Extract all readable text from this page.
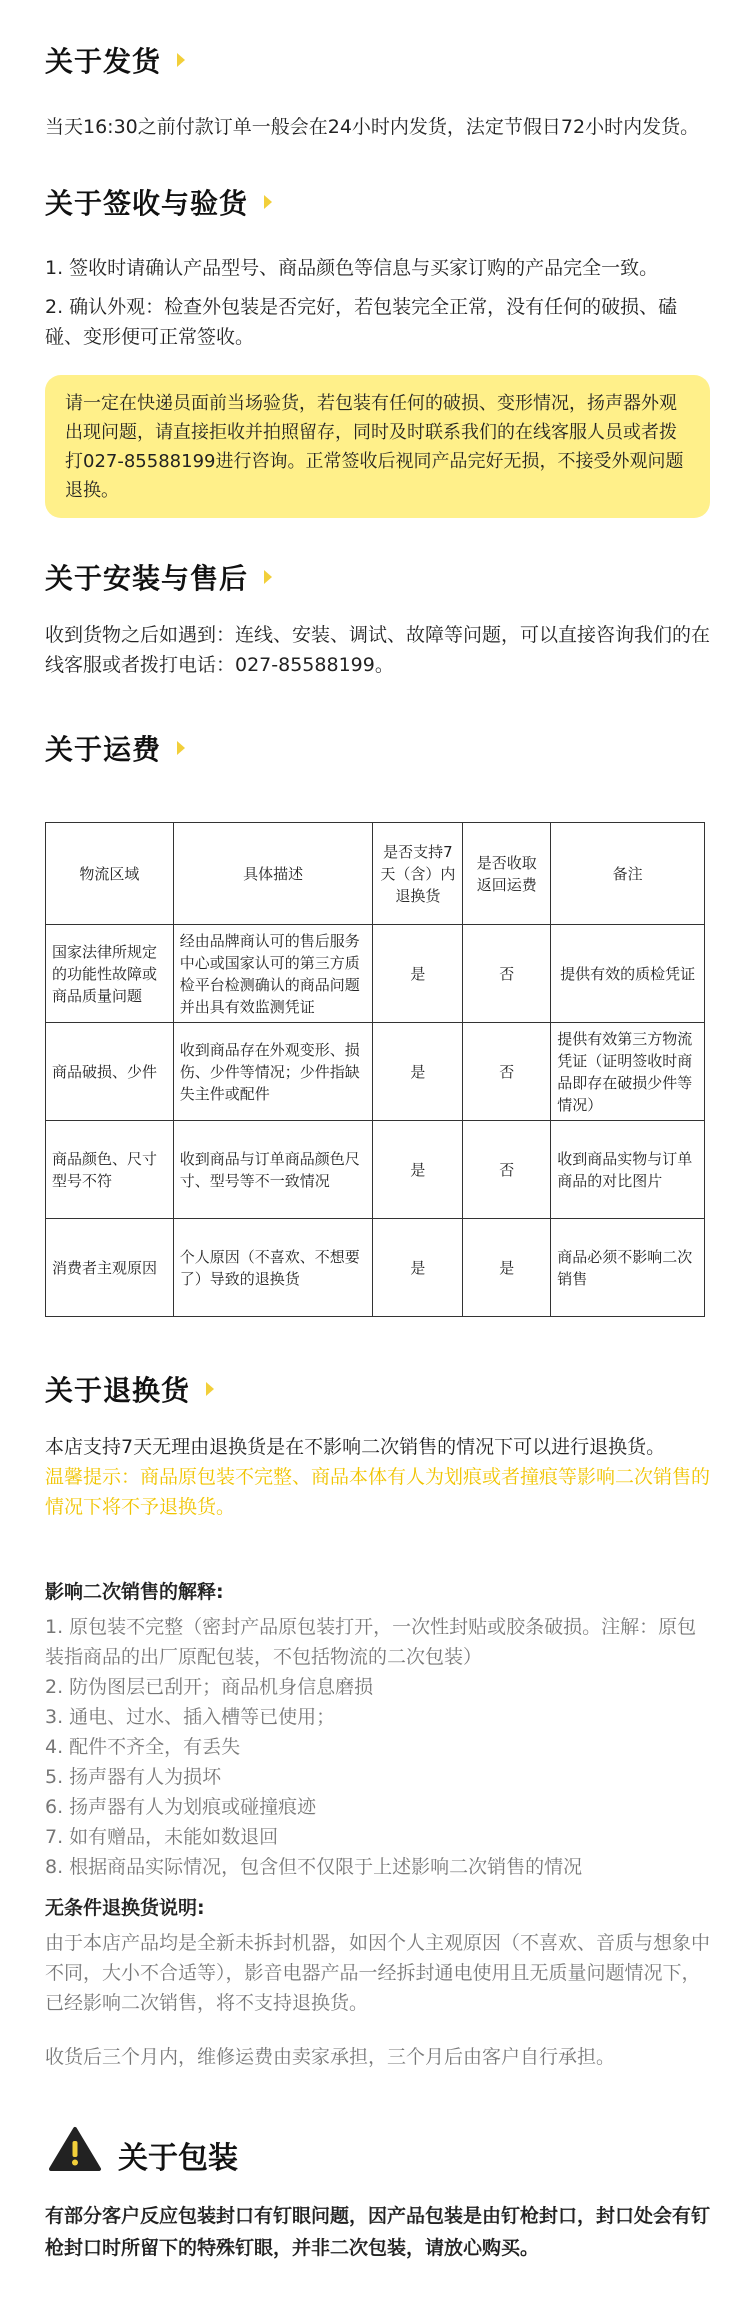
关于发货
当天16:30之前付款订单一般会在24小时内发货，法定节假日72小时内发货。
关于签收与验货
1. 签收时请确认产品型号、商品颜色等信息与买家订购的产品完全一致。
2. 确认外观：检查外包装是否完好，若包装完全正常，没有任何的破损、磕碰、变形便可正常签收。
请一定在快递员面前当场验货，若包装有任何的破损、变形情况，扬声器外观出现问题，请直接拒收并拍照留存，同时及时联系我们的在线客服人员或者拨打027-85588199进行咨询。正常签收后视同产品完好无损，不接受外观问题退换。
关于安装与售后
收到货物之后如遇到：连线、安装、调试、故障等问题，可以直接咨询我们的在线客服或者拨打电话：027-85588199。
关于运费
物流区域	具体描述	是否支持7天（含）内退换货	是否收取返回运费	备注
国家法律所规定的功能性故障或商品质量问题	经由品牌商认可的售后服务中心或国家认可的第三方质检平台检测确认的商品问题并出具有效监测凭证	是	否	提供有效的质检凭证
商品破损、少件	收到商品存在外观变形、损伤、少件等情况；少件指缺失主件或配件	是	否	提供有效第三方物流凭证（证明签收时商品即存在破损少件等情况）
商品颜色、尺寸型号不符	收到商品与订单商品颜色尺寸、型号等不一致情况	是	否	收到商品实物与订单商品的对比图片
消费者主观原因	个人原因（不喜欢、不想要了）导致的退换货	是	是	商品必须不影响二次销售
关于退换货
本店支持7天无理由退换货是在不影响二次销售的情况下可以进行退换货。
温馨提示：商品原包装不完整、商品本体有人为划痕或者撞痕等影响二次销售的情况下将不予退换货。
影响二次销售的解释:
1. 原包装不完整（密封产品原包装打开，一次性封贴或胶条破损。注解：原包装指商品的出厂原配包装，不包括物流的二次包装）
2. 防伪图层已刮开；商品机身信息磨损
3. 通电、过水、插入槽等已使用；
4. 配件不齐全，有丢失
5. 扬声器有人为损坏
6. 扬声器有人为划痕或碰撞痕迹
7. 如有赠品，未能如数退回
8. 根据商品实际情况，包含但不仅限于上述影响二次销售的情况
无条件退换货说明:
由于本店产品均是全新未拆封机器，如因个人主观原因（不喜欢、音质与想象中不同，大小不合适等），影音电器产品一经拆封通电使用且无质量问题情况下，已经影响二次销售，将不支持退换货。
收货后三个月内，维修运费由卖家承担，三个月后由客户自行承担。
关于包装
有部分客户反应包装封口有钉眼问题，因产品包装是由钉枪封口，封口处会有钉枪封口时所留下的特殊钉眼，并非二次包装，请放心购买。
